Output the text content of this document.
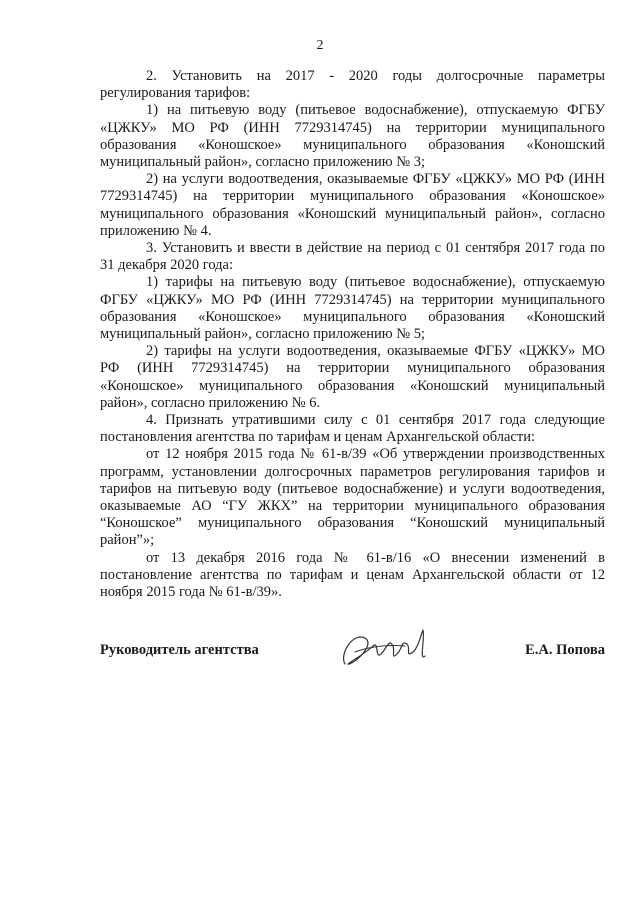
2

2. Установить на 2017 - 2020 годы долгосрочные параметры регулирования тарифов:

1) на питьевую воду (питьевое водоснабжение), отпускаемую ФГБУ «ЦЖКУ» МО РФ (ИНН 7729314745) на территории муниципального образования «Коношское» муниципального образования «Коношский муниципальный район», согласно приложению № 3;

2) на услуги водоотведения, оказываемые ФГБУ «ЦЖКУ» МО РФ (ИНН 7729314745) на территории муниципального образования «Коношское» муниципального образования «Коношский муниципальный район», согласно приложению № 4.

3. Установить и ввести в действие на период с 01 сентября 2017 года по 31 декабря 2020 года:

1) тарифы на питьевую воду (питьевое водоснабжение), отпускаемую ФГБУ «ЦЖКУ» МО РФ (ИНН 7729314745) на территории муниципального образования «Коношское» муниципального образования «Коношский муниципальный район», согласно приложению № 5;

2) тарифы на услуги водоотведения, оказываемые ФГБУ «ЦЖКУ» МО РФ (ИНН 7729314745) на территории муниципального образования «Коношское» муниципального образования «Коношский муниципальный район», согласно приложению № 6.

4. Признать утратившими силу с 01 сентября 2017 года следующие постановления агентства по тарифам и ценам Архангельской области:

от 12 ноября 2015 года № 61-в/39 «Об утверждении производственных программ, установлении долгосрочных параметров регулирования тарифов и тарифов на питьевую воду (питьевое водоснабжение) и услуги водоотведения, оказываемые АО “ГУ ЖКХ” на территории муниципального образования “Коношское” муниципального образования “Коношский муниципальный район”»;

от 13 декабря 2016 года № 61-в/16 «О внесении изменений в постановление агентства по тарифам и ценам Архангельской области от 12 ноября 2015 года № 61-в/39».

Руководитель агентства	Е.А. Попова
